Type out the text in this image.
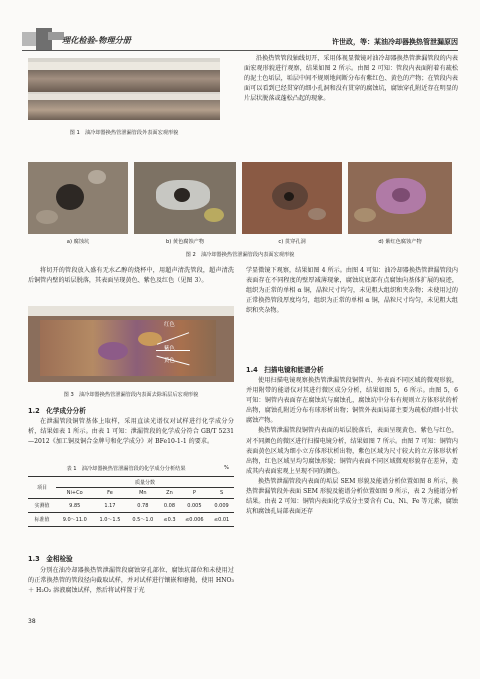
理化检验-物理分册	许世政，等：某油冷却器换热管泄漏原因
图 1　油冷却器换热管泄漏管段外表面宏观形貌

沿换热管管段轴线切开，采用体视显微镜对油冷却器换热管泄漏管段的内表面宏观形貌进行观察，结果如图 2 所示。由图 2 可知：管段内表面附着有疏松的泥土色垢层，垢层中间不规则地间断分布有紫红色、黄色的产物；在管段内表面可以看到已经贯穿的细小孔洞和没有贯穿的腐蚀坑，腐蚀穿孔附近存在明显的片层状脱落或蓬松凸起的现象。

a) 腐蚀坑	b) 黄色腐蚀产物	c) 贯穿孔洞	d) 紫红色腐蚀产物
图 2　油冷却器换热管泄漏管段内表面宏观形貌

将切开的管段放入盛有无水乙醇的烧杯中，用超声清洗管段，超声清洗后铜管内壁的垢层脱落，其表面呈现黄色、紫色及红色（见图 3）。

红色
紫色
黄色
图 3　油冷却器换热管泄漏管段内表面去除垢层后宏观形貌
1.2　化学成分分析

在泄漏管段铜管基体上取样，采用直读光谱仪对试样进行化学成分分析，结果如表 1 所示。由表 1 可知：泄漏管段的化学成分符合 GB/T 5231—2012《加工铜及铜合金牌号和化学成分》对 BFe10-1-1 的要求。

表 1　油冷却器换热管泄漏管段的化学成分分析结果	%
项目	质量分数					
	Ni+Co	Fe	Mn	Zn	P	S
实测值	9.85	1.17	0.78	0.08	0.005	0.009
标准值	9.0～11.0	1.0～1.5	0.5～1.0	≤0.3	≤0.006	≤0.01
1.3　金相检验

分别在油冷却器换热管泄漏管段腐蚀穿孔部位、腐蚀坑部位和未使用过的正常换热管的管段径向截取试样，并对试样进行镶嵌和磨抛，使用 HNO₃ ＋ H₂O₂ 溶液腐蚀试样，然后将试样置于光

38

学显微镜下观察，结果如图 4 所示。由图 4 可知：油冷却器换热管泄漏管段内表面存在不同程度的壁厚减薄现象，腐蚀坑底部有点腐蚀向基体扩展的痕迹，组织为正常的单相 α 铜，晶粒尺寸均匀，未见粗大组织和夹杂物；未使用过的正常换热管段厚度均匀，组织为正常的单相 α 铜，晶粒尺寸均匀，未见粗大组织和夹杂物。

1.4　扫描电镜和能谱分析

使用扫描电镜观察换热管泄漏管段铜管内、外表面不同区域的微观形貌，并用附带的能谱仪对其进行微区成分分析，结果如图 5，6 所示。由图 5，6 可知：铜管内表面存在腐蚀坑与腐蚀孔，腐蚀坑中分布有规则立方体形状的析出物，腐蚀孔附近分布有球形析出物；铜管外表面局部主要为疏松的细小针状腐蚀产物。

换热管泄漏管段铜管内表面的垢层脱落后，表面呈现黄色、紫色与红色，对不同颜色的微区进行扫描电镜分析，结果如图 7 所示。由图 7 可知：铜管内表面黄色区域为细小立方体形状析出物，紫色区域为尺寸较大的立方体形状析出物，红色区域呈均匀腐蚀形貌；铜管内表面不同区域微观形貌存在差异，造成其内表面宏观上呈现不同的颜色。

换热管泄漏管段内表面的垢层 SEM 形貌及能谱分析位置如图 8 所示，换热管泄漏管段外表面 SEM 形貌及能谱分析位置如图 9 所示，表 2 为能谱分析结果。由表 2 可知：铜管内表面化学成分主要含有 Cu、Ni、Fe 等元素，腐蚀坑和腐蚀孔局部表面还存
